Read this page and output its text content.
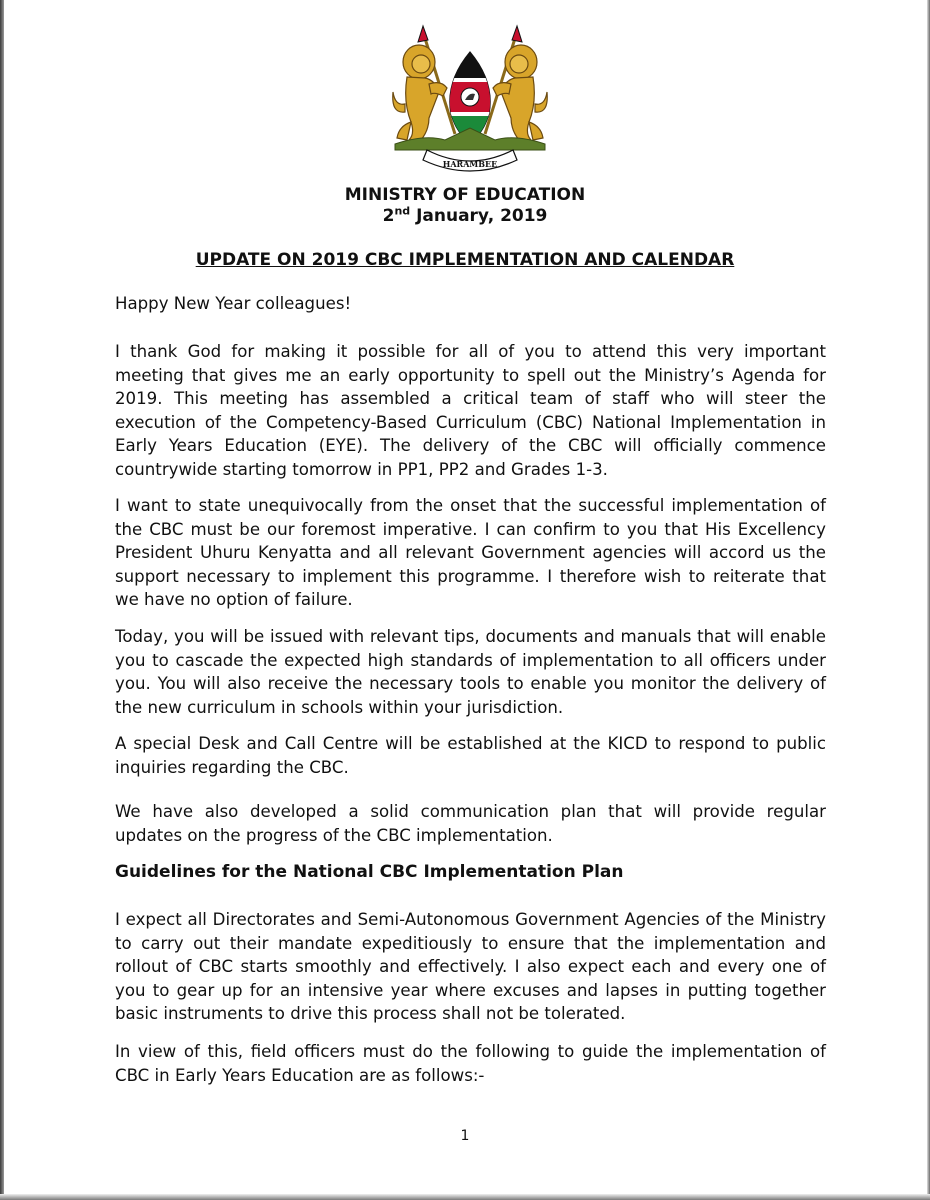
HARAMBEE
MINISTRY OF EDUCATION
2nd January, 2019
UPDATE ON 2019 CBC IMPLEMENTATION AND CALENDAR

Happy New Year colleagues!

I thank God for making it possible for all of you to attend this very important meeting that gives me an early opportunity to spell out the Ministry’s Agenda for 2019. This meeting has assembled a critical team of staff who will steer the execution of the Competency-Based Curriculum (CBC) National Implementation in Early Years Education (EYE). The delivery of the CBC will officially commence countrywide starting tomorrow in PP1, PP2 and Grades 1-3.

I want to state unequivocally from the onset that the successful implementation of the CBC must be our foremost imperative. I can confirm to you that His Excellency President Uhuru Kenyatta and all relevant Government agencies will accord us the support necessary to implement this programme. I therefore wish to reiterate that we have no option of failure.

Today, you will be issued with relevant tips, documents and manuals that will enable you to cascade the expected high standards of implementation to all officers under you. You will also receive the necessary tools to enable you monitor the delivery of the new curriculum in schools within your jurisdiction.

A special Desk and Call Centre will be established at the KICD to respond to public inquiries regarding the CBC.

We have also developed a solid communication plan that will provide regular updates on the progress of the CBC implementation.

Guidelines for the National CBC Implementation Plan

I expect all Directorates and Semi-Autonomous Government Agencies of the Ministry to carry out their mandate expeditiously to ensure that the implementation and rollout of CBC starts smoothly and effectively. I also expect each and every one of you to gear up for an intensive year where excuses and lapses in putting together basic instruments to drive this process shall not be tolerated.

In view of this, field officers must do the following to guide the implementation of CBC in Early Years Education are as follows:-

1
